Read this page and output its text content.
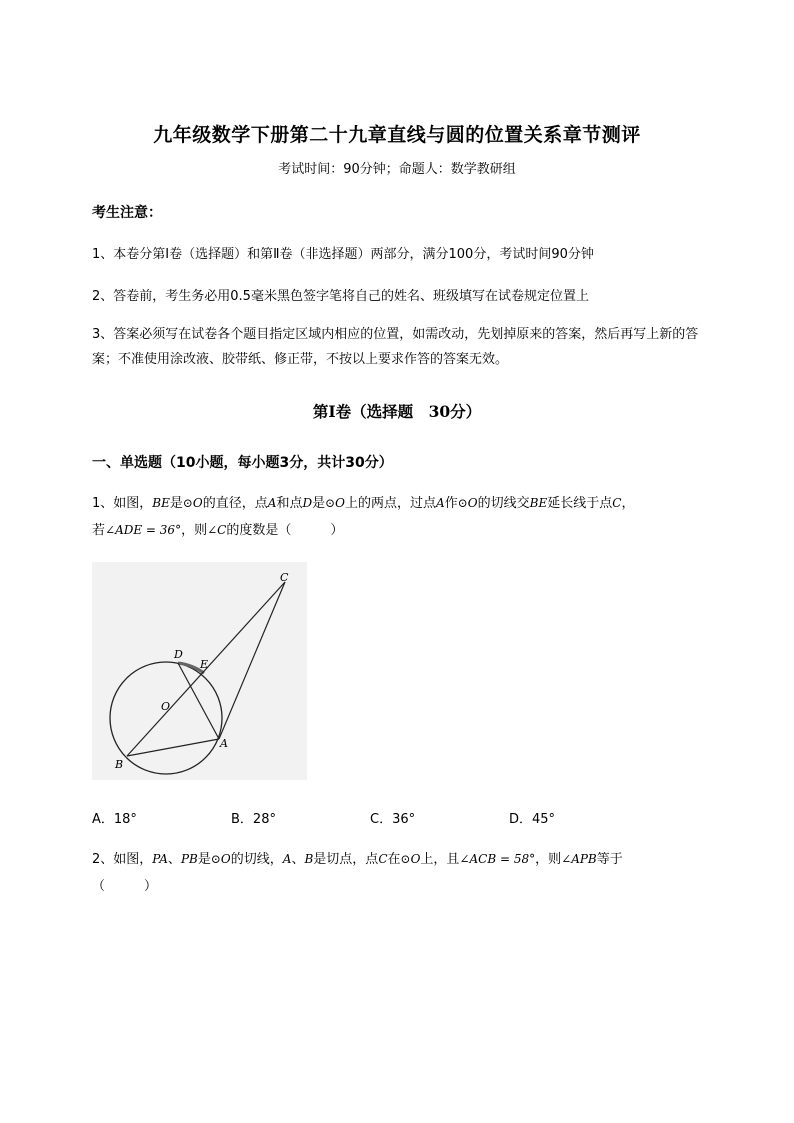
九年级数学下册第二十九章直线与圆的位置关系章节测评
考试时间：90分钟；命题人：数学教研组
考生注意：
1、本卷分第I卷（选择题）和第Ⅱ卷（非选择题）两部分，满分100分，考试时间90分钟
2、答卷前，考生务必用0.5毫米黑色签字笔将自己的姓名、班级填写在试卷规定位置上
3、答案必须写在试卷各个题目指定区域内相应的位置，如需改动，先划掉原来的答案，然后再写上新的答案；不准使用涂改液、胶带纸、修正带，不按以上要求作答的答案无效。
第I卷（选择题　30分）
一、单选题（10小题，每小题3分，共计30分）
1、如图，BE是⊙O的直径，点A和点D是⊙O上的两点，过点A作⊙O的切线交BE延长线于点C，
若∠ADE = 36°，则∠C的度数是（　　　）
C
D
E
O
A
B
A．18°	B．28°	C．36°	D．45°
2、如图，PA、PB是⊙O的切线，A、B是切点，点C在⊙O上，且∠ACB = 58°，则∠APB等于
（　　　）
